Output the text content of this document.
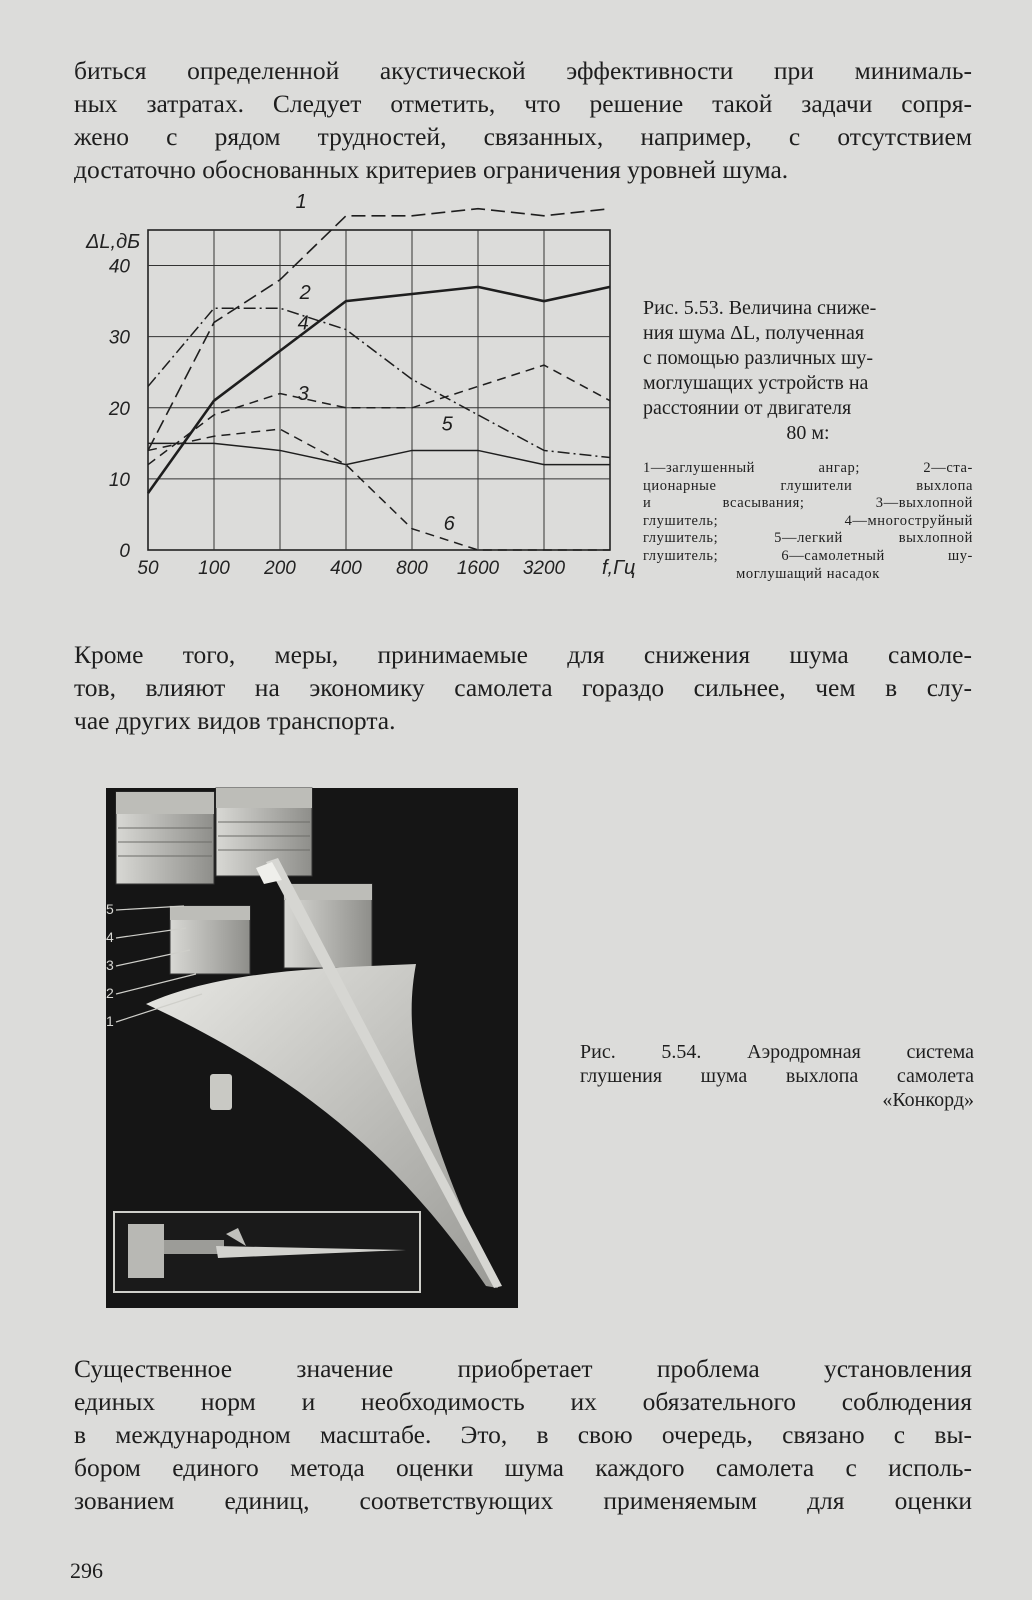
биться определенной акустической эффективности при минималь-
ных затратах. Следует отметить, что решение такой задачи сопря-
жено с рядом трудностей, связанных, например, с отсутствием
достаточно обоснованных критериев ограничения уровней шума.
0
10
20
30
40
50 100 200 400 800 1600 3200
ΔL,дБ
f,Гц
1
2
3
4
5
6
Рис. 5.53. Величина сниже-
ния шума ΔL, полученная
с помощью различных шу-
моглушащих устройств на
расстоянии от двигателя
80 м:
1—заглушенный ангар; 2—ста-
ционарные глушители выхлопа
и всасывания; 3—выхлопной
глушитель; 4—многоструйный
глушитель; 5—легкий выхлопной
глушитель; 6—самолетный шу-
моглушащий насадок
Кроме того, меры, принимаемые для снижения шума самоле-
тов, влияют на экономику самолета гораздо сильнее, чем в слу-
чае других видов транспорта.
5
4
3
2
1
Рис. 5.54. Аэродромная система
глушения шума выхлопа самолета
«Конкорд»
Существенное значение приобретает проблема установления
единых норм и необходимость их обязательного соблюдения
в международном масштабе. Это, в свою очередь, связано с вы-
бором единого метода оценки шума каждого самолета с исполь-
зованием единиц, соответствующих применяемым для оценки
296
